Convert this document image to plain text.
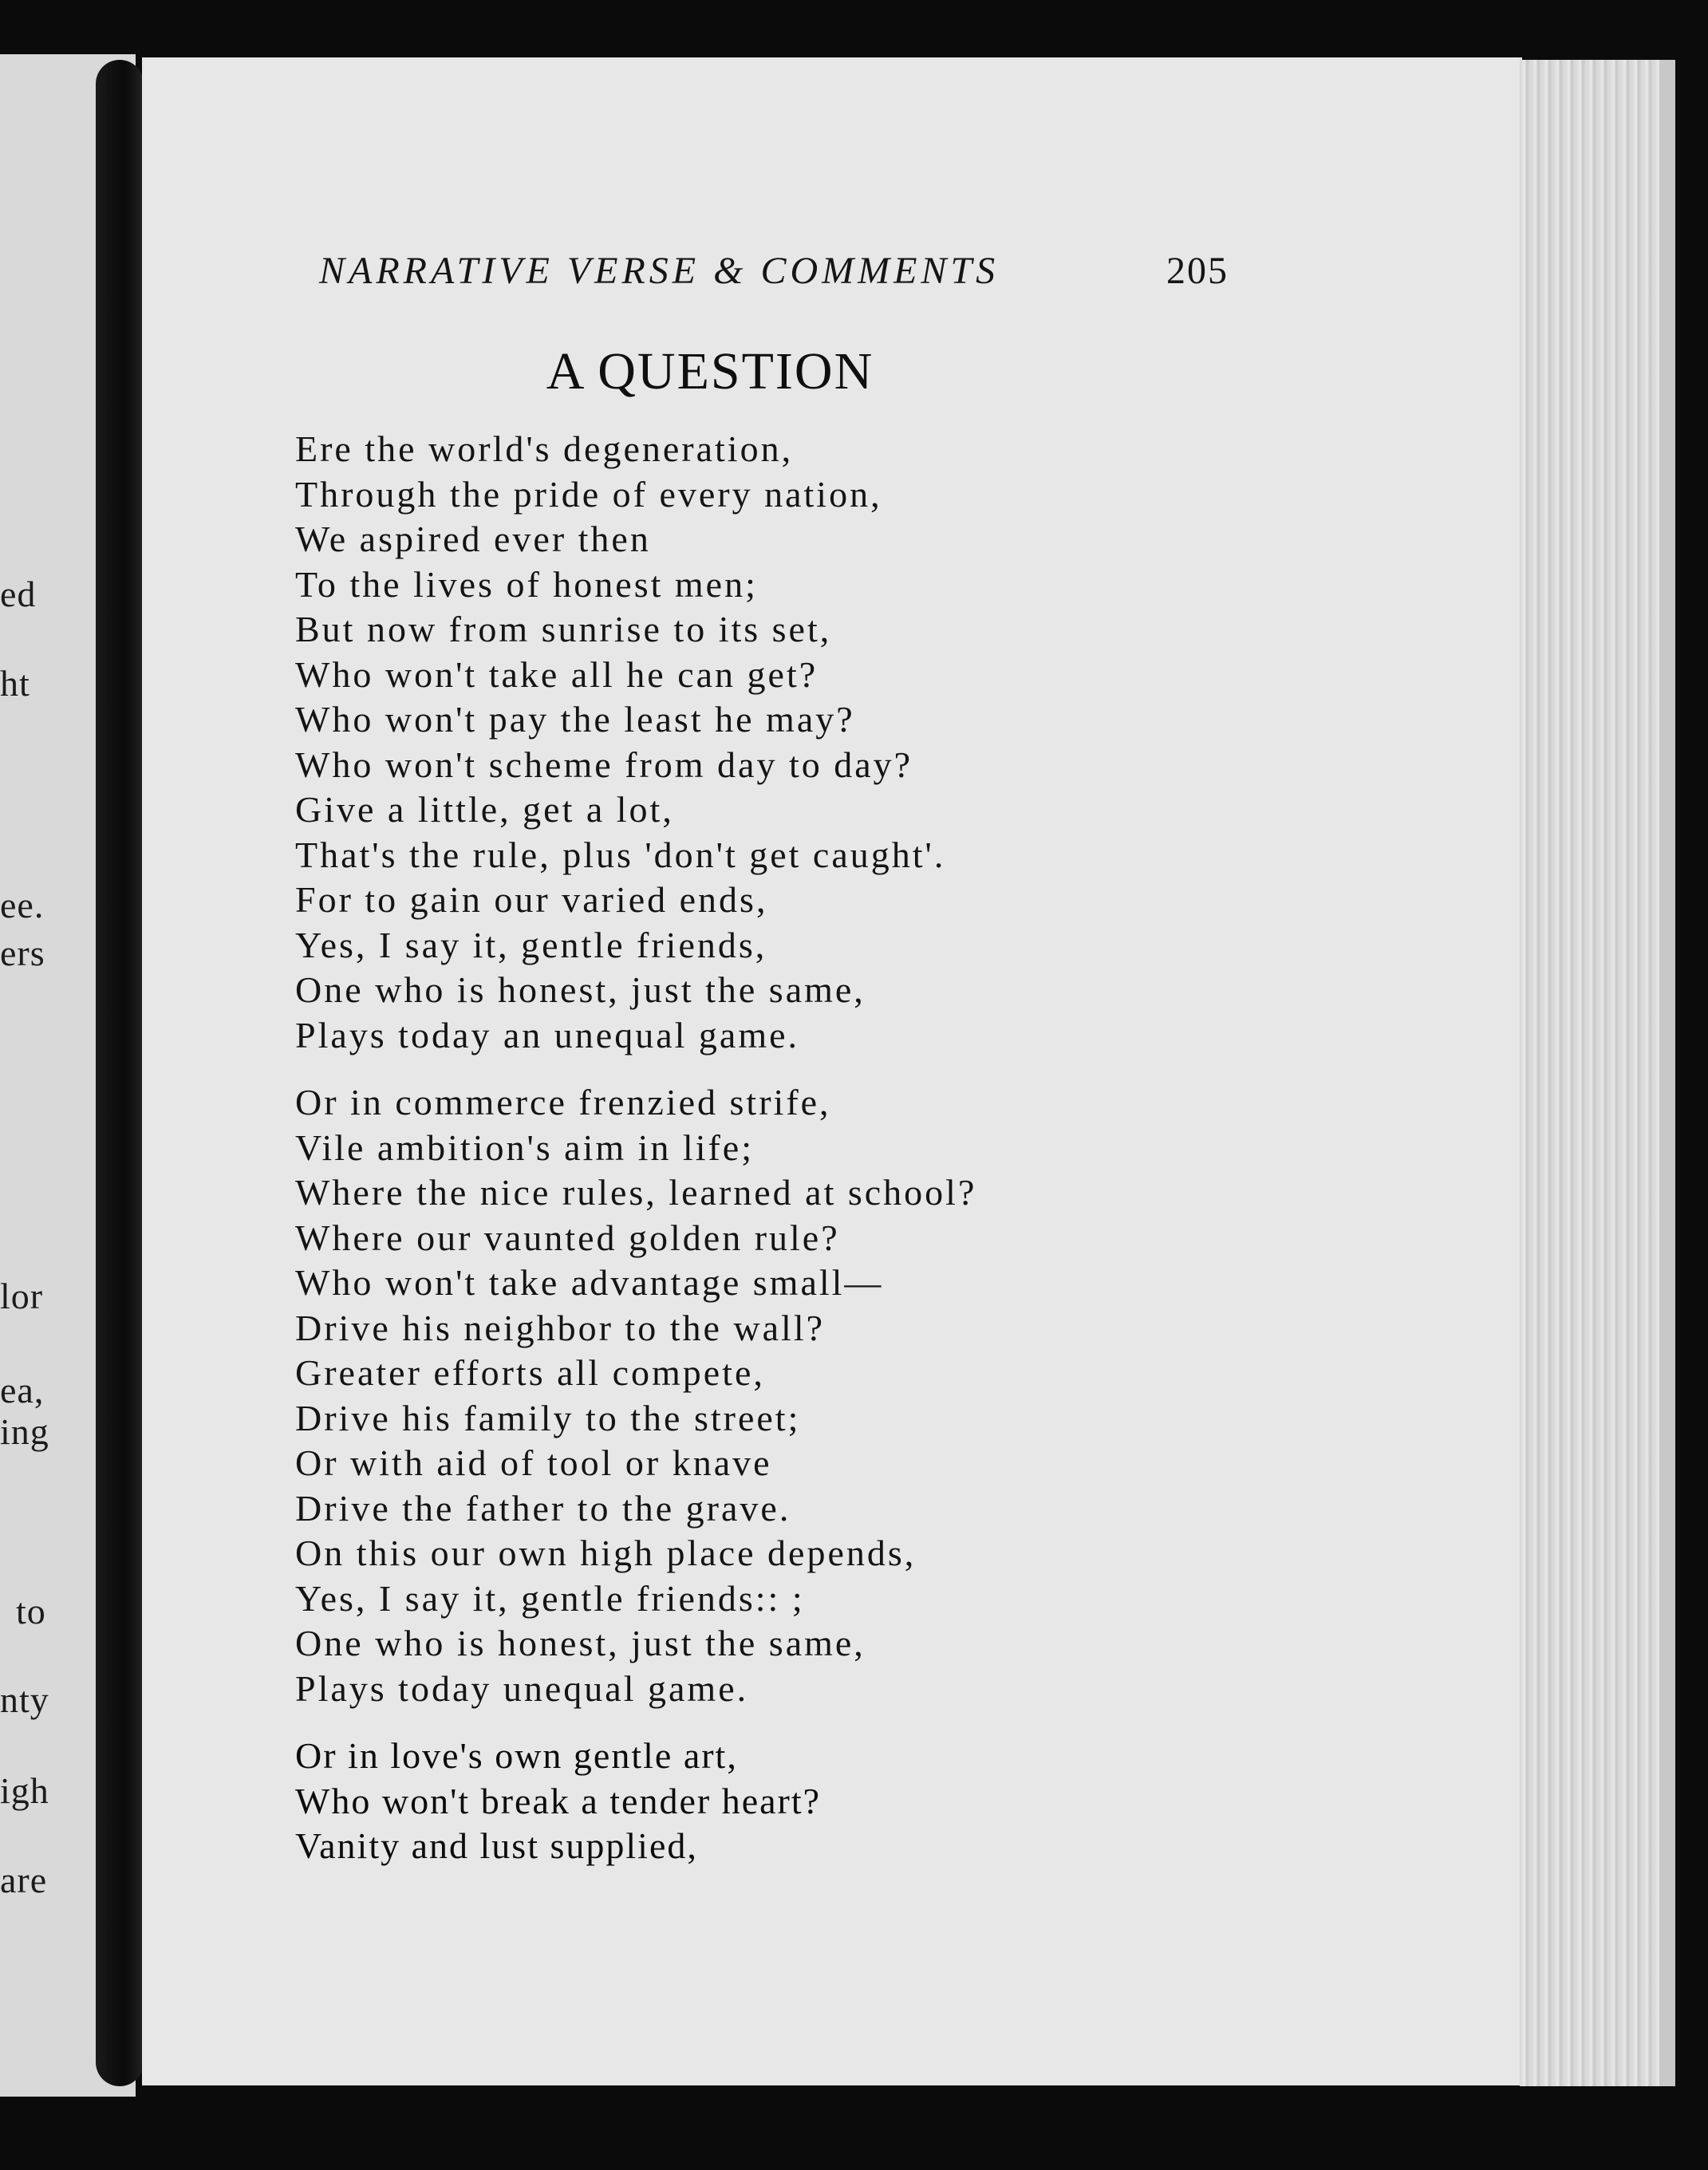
ed
ht
ee.
ers
lor
ea,
ing
to
nty
igh
are
NARRATIVE VERSE & COMMENTS	205
A QUESTION
Ere the world's degeneration,
Through the pride of every nation,
We aspired ever then
To the lives of honest men;
But now from sunrise to its set,
Who won't take all he can get?
Who won't pay the least he may?
Who won't scheme from day to day?
Give a little, get a lot,
That's the rule, plus 'don't get caught'.
For to gain our varied ends,
Yes, I say it, gentle friends,
One who is honest, just the same,
Plays today an unequal game.
Or in commerce frenzied strife,
Vile ambition's aim in life;
Where the nice rules, learned at school?
Where our vaunted golden rule?
Who won't take advantage small—
Drive his neighbor to the wall?
Greater efforts all compete,
Drive his family to the street;
Or with aid of tool or knave
Drive the father to the grave.
On this our own high place depends,
Yes, I say it, gentle friends:: ;
One who is honest, just the same,
Plays today unequal game.
Or in love's own gentle art,
Who won't break a tender heart?
Vanity and lust supplied,
